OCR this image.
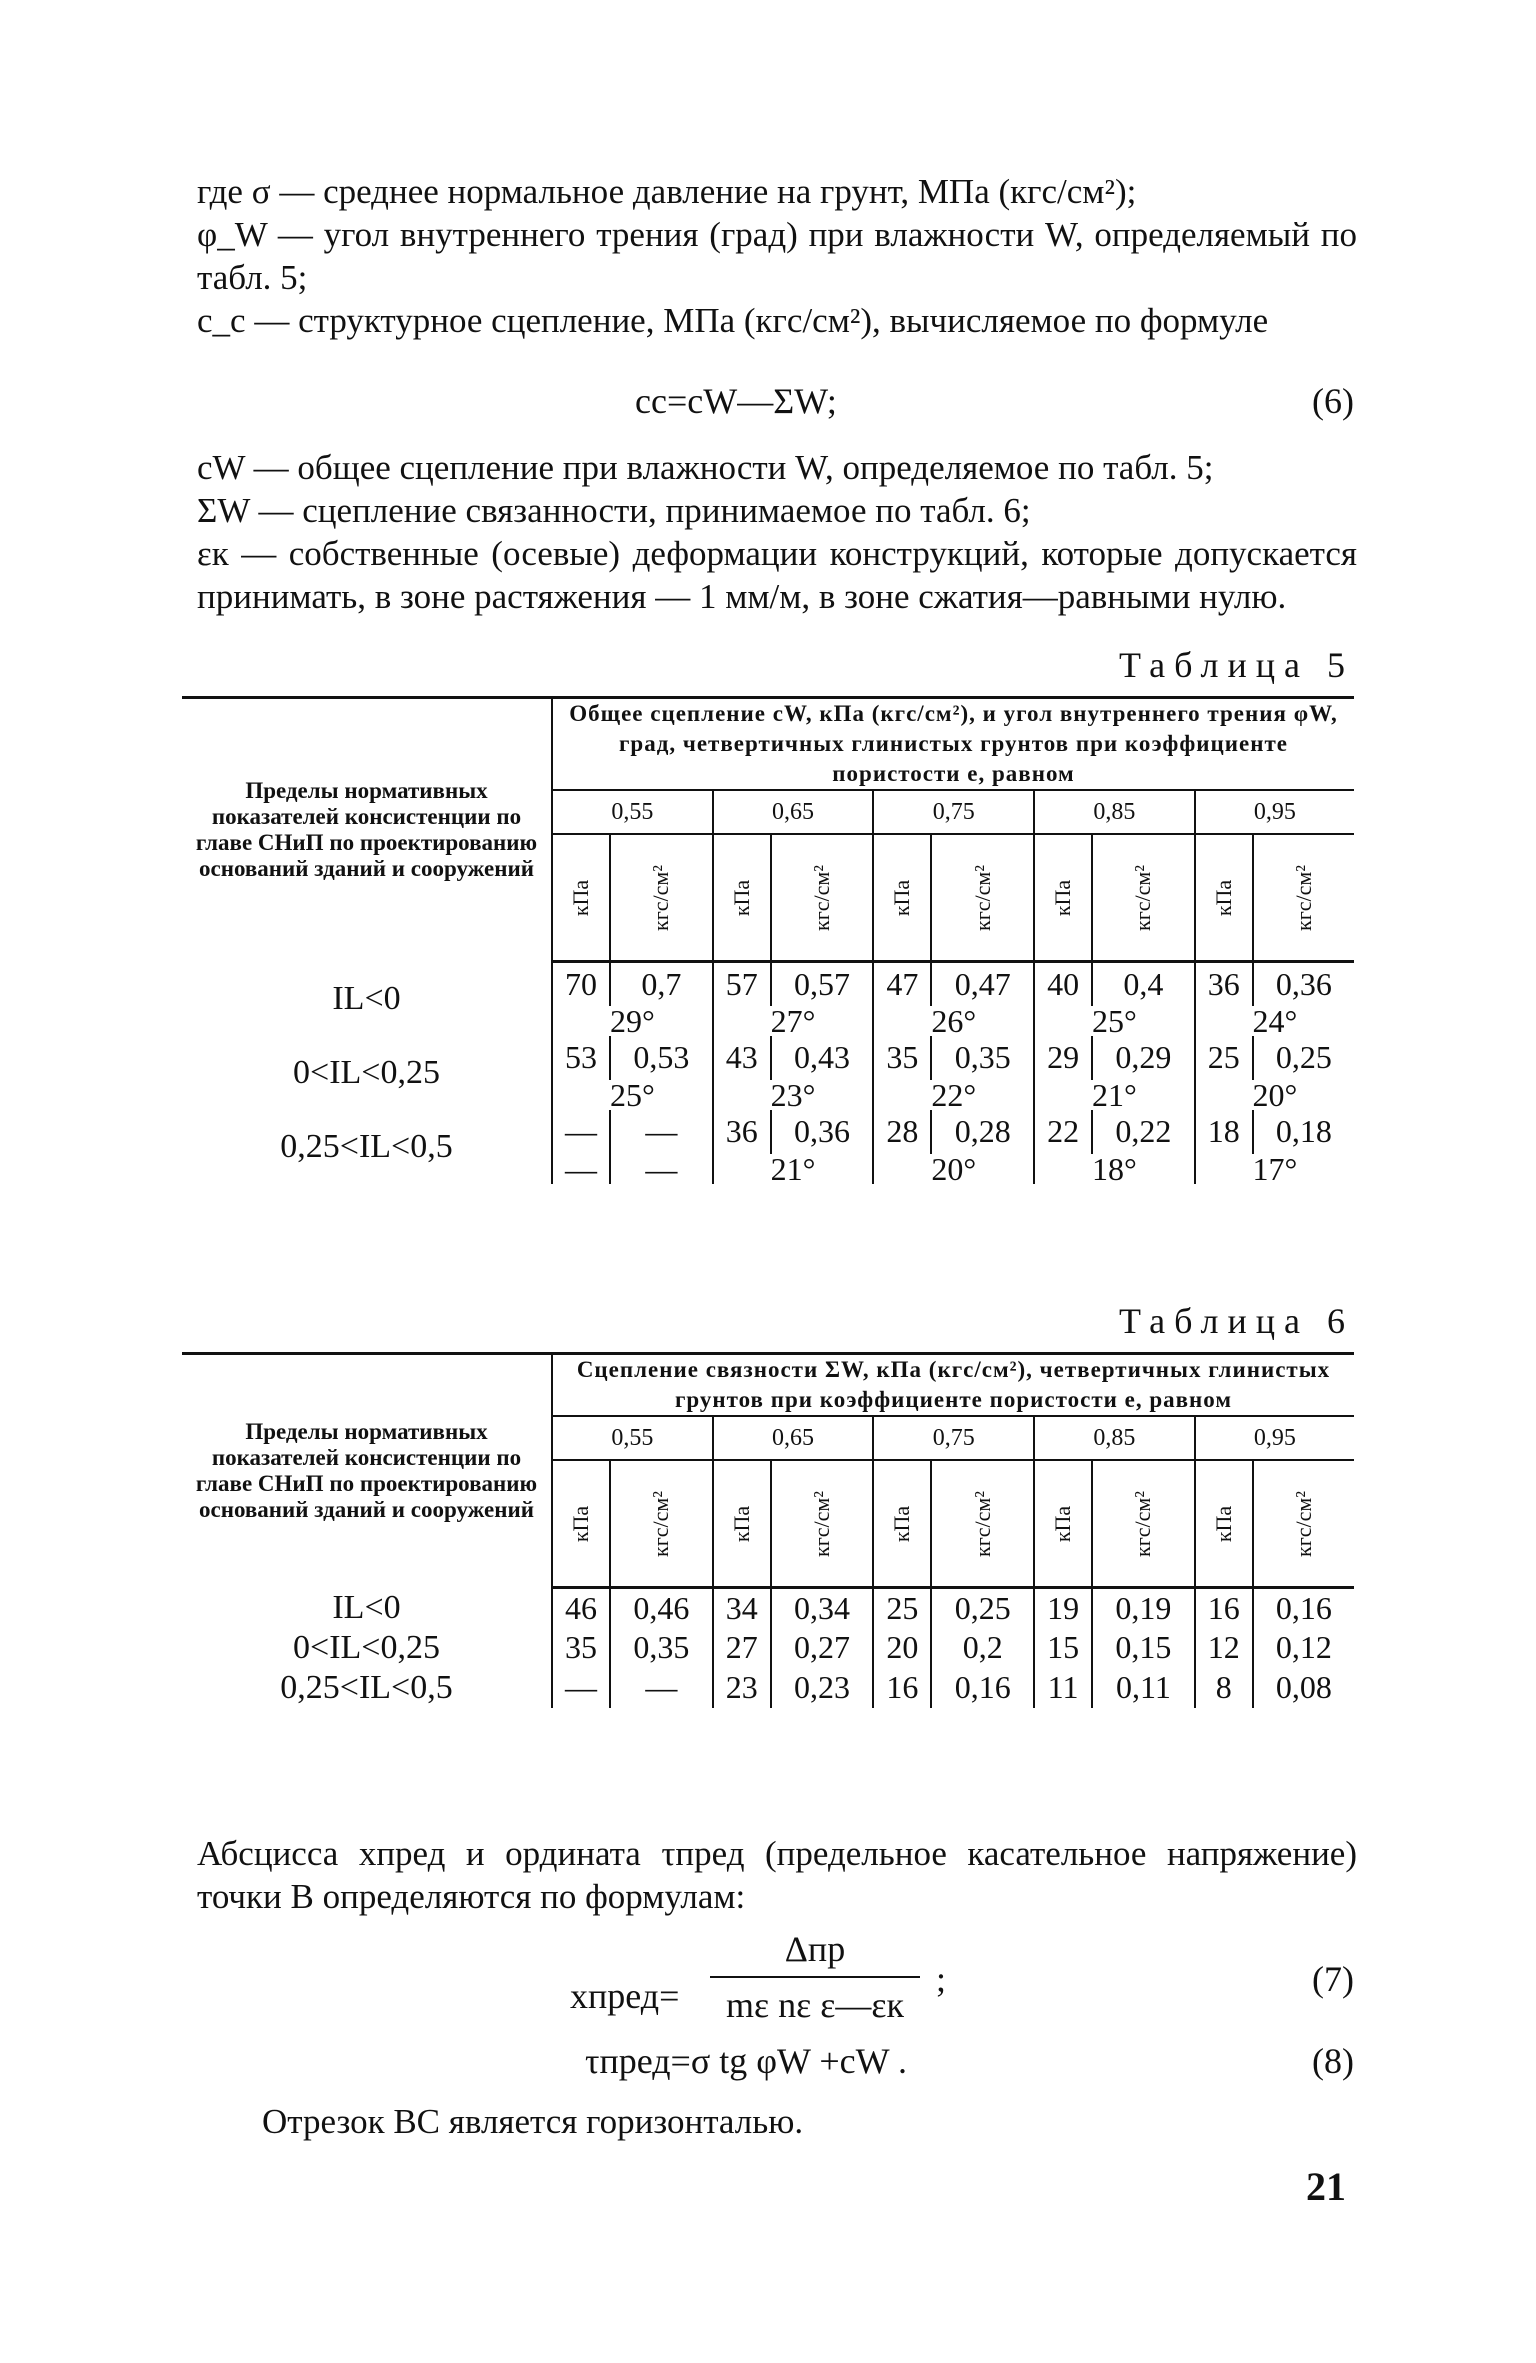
где σ — среднее нормальное давление на грунт, МПа (кгс/см²);

φ_W — угол внутреннего трения (град) при влажности W, определяемый по табл. 5;

c_с — структурное сцепление, МПа (кгс/см²), вычисляемое по формуле

cс=cW—ΣW;	(6)

cW — общее сцепление при влажности W, определяемое по табл. 5;

ΣW — сцепление связанности, принимаемое по табл. 6;

εк — собственные (осевые) деформации конструкций, которые допускается принимать, в зоне растяжения — 1 мм/м, в зоне сжатия—равными нулю.

Таблица 5
Пределы нормативных показателей консистенции по главе СНиП по проектированию оснований зданий и сооружений	Общее сцепление cW, кПа (кгс/см²), и угол внутреннего трения φW, град, четвертичных глинистых грунтов при коэффициенте пористости e, равном									
	0,55		0,65		0,75		0,85		0,95	
	кПа	кгс/см²	кПа	кгс/см²	кПа	кгс/см²	кПа	кгс/см²	кПа	кгс/см²
IL<0	70	0,7	57	0,57	47	0,47	40	0,4	36	0,36
	29°		27°		26°		25°		24°	
0<IL<0,25	53	0,53	43	0,43	35	0,35	29	0,29	25	0,25
	25°		23°		22°		21°		20°	
0,25<IL<0,5	—	—	36	0,36	28	0,28	22	0,22	18	0,18
	—	—	21°		20°		18°		17°	
Таблица 6
Пределы нормативных показателей консистенции по главе СНиП по проектированию оснований зданий и сооружений	Сцепление связности ΣW, кПа (кгс/см²), четвертичных глинистых грунтов при коэффициенте пористости e, равном									
	0,55		0,65		0,75		0,85		0,95	
	кПа	кгс/см²	кПа	кгс/см²	кПа	кгс/см²	кПа	кгс/см²	кПа	кгс/см²
IL<0	46	0,46	34	0,34	25	0,25	19	0,19	16	0,16
0<IL<0,25	35	0,35	27	0,27	20	0,2	15	0,15	12	0,12
0,25<IL<0,5	—	—	23	0,23	16	0,16	11	0,11	8	0,08

Абсцисса xпред и ордината τпред (предельное касательное напряжение) точки B определяются по формулам:

xпред=
Δпр
mε nε ε—εк
;	(7)
τпред=σ tg φW +cW .	(8)

Отрезок BC является горизонталью.

21
